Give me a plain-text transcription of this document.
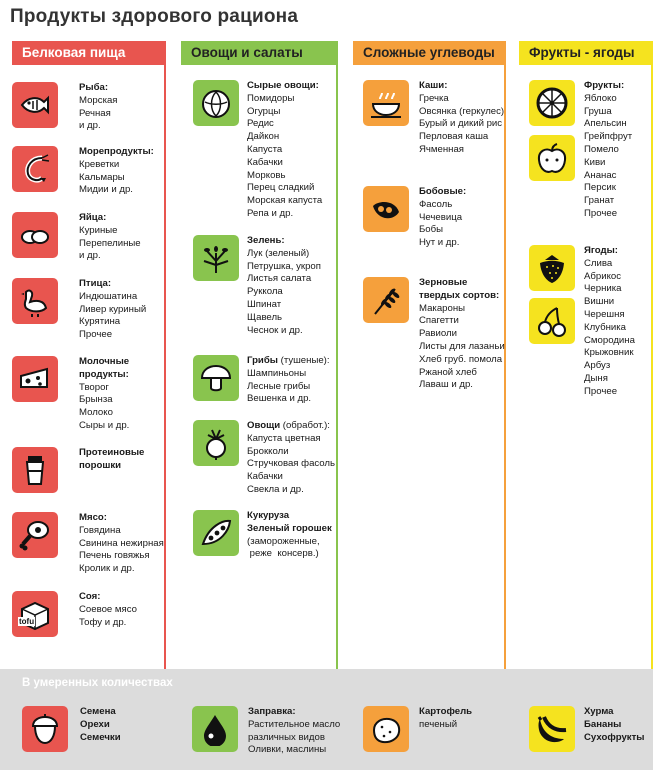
Продукты здорового рациона
Белковая пища	Овощи и салаты	Сложные углеводы	Фрукты - ягоды
В умеренных количествах
Рыба:
Морская
Речная
и др.
Морепродукты:
Креветки
Кальмары
Мидии и др.
Яйца:
Куриные
Перепелиные
и др.
Птица:
Индюшатина
Ливер куриный
Курятина
Прочее
Молочные
продукты:
Творог
Брынза
Молоко
Сыры и др.
Протеиновые
порошки
Мясо:
Говядина
Свинина нежирная
Печень говяжья
Кролик и др.
tofu
Соя:
Соевое мясо
Тофу и др.
Сырые овощи:
Помидоры
Огурцы
Редис
Дайкон
Капуста
Кабачки
Морковь
Перец сладкий
Морская капуста
Репа и др.
Зелень:
Лук (зеленый)
Петрушка, укроп
Листья салата
Руккола
Шпинат
Щавель
Чеснок и др.
Грибы (тушеные):
Шампиньоны
Лесные грибы
Вешенка и др.
Овощи (обработ.):
Капуста цветная
Брокколи
Стручковая фасоль
Кабачки
Свекла и др.
Кукуруза
Зеленый горошек
(замороженные,
реже  консерв.)
Каши:
Гречка
Овсянка (геркулес)
Бурый и дикий рис
Перловая каша
Ячменная
Бобовые:
Фасоль
Чечевица
Бобы
Нут и др.
Зерновые
твердых сортов:
Макароны
Спагетти
Равиоли
Листы для лазаньи
Хлеб груб. помола
Ржаной хлеб
Лаваш и др.
Фрукты:
Яблоко
Груша
Апельсин
Грейпфрут
Помело
Киви
Ананас
Персик
Гранат
Прочее
Ягоды:
Слива
Абрикос
Черника
Вишни
Черешня
Клубника
Смородина
Крыжовник
Арбуз
Дыня
Прочее
Семена
Орехи
Семечки
Заправка:
Растительное масло
различных видов
Оливки, маслины
Картофель
печеный
Хурма
Бананы
Сухофрукты
